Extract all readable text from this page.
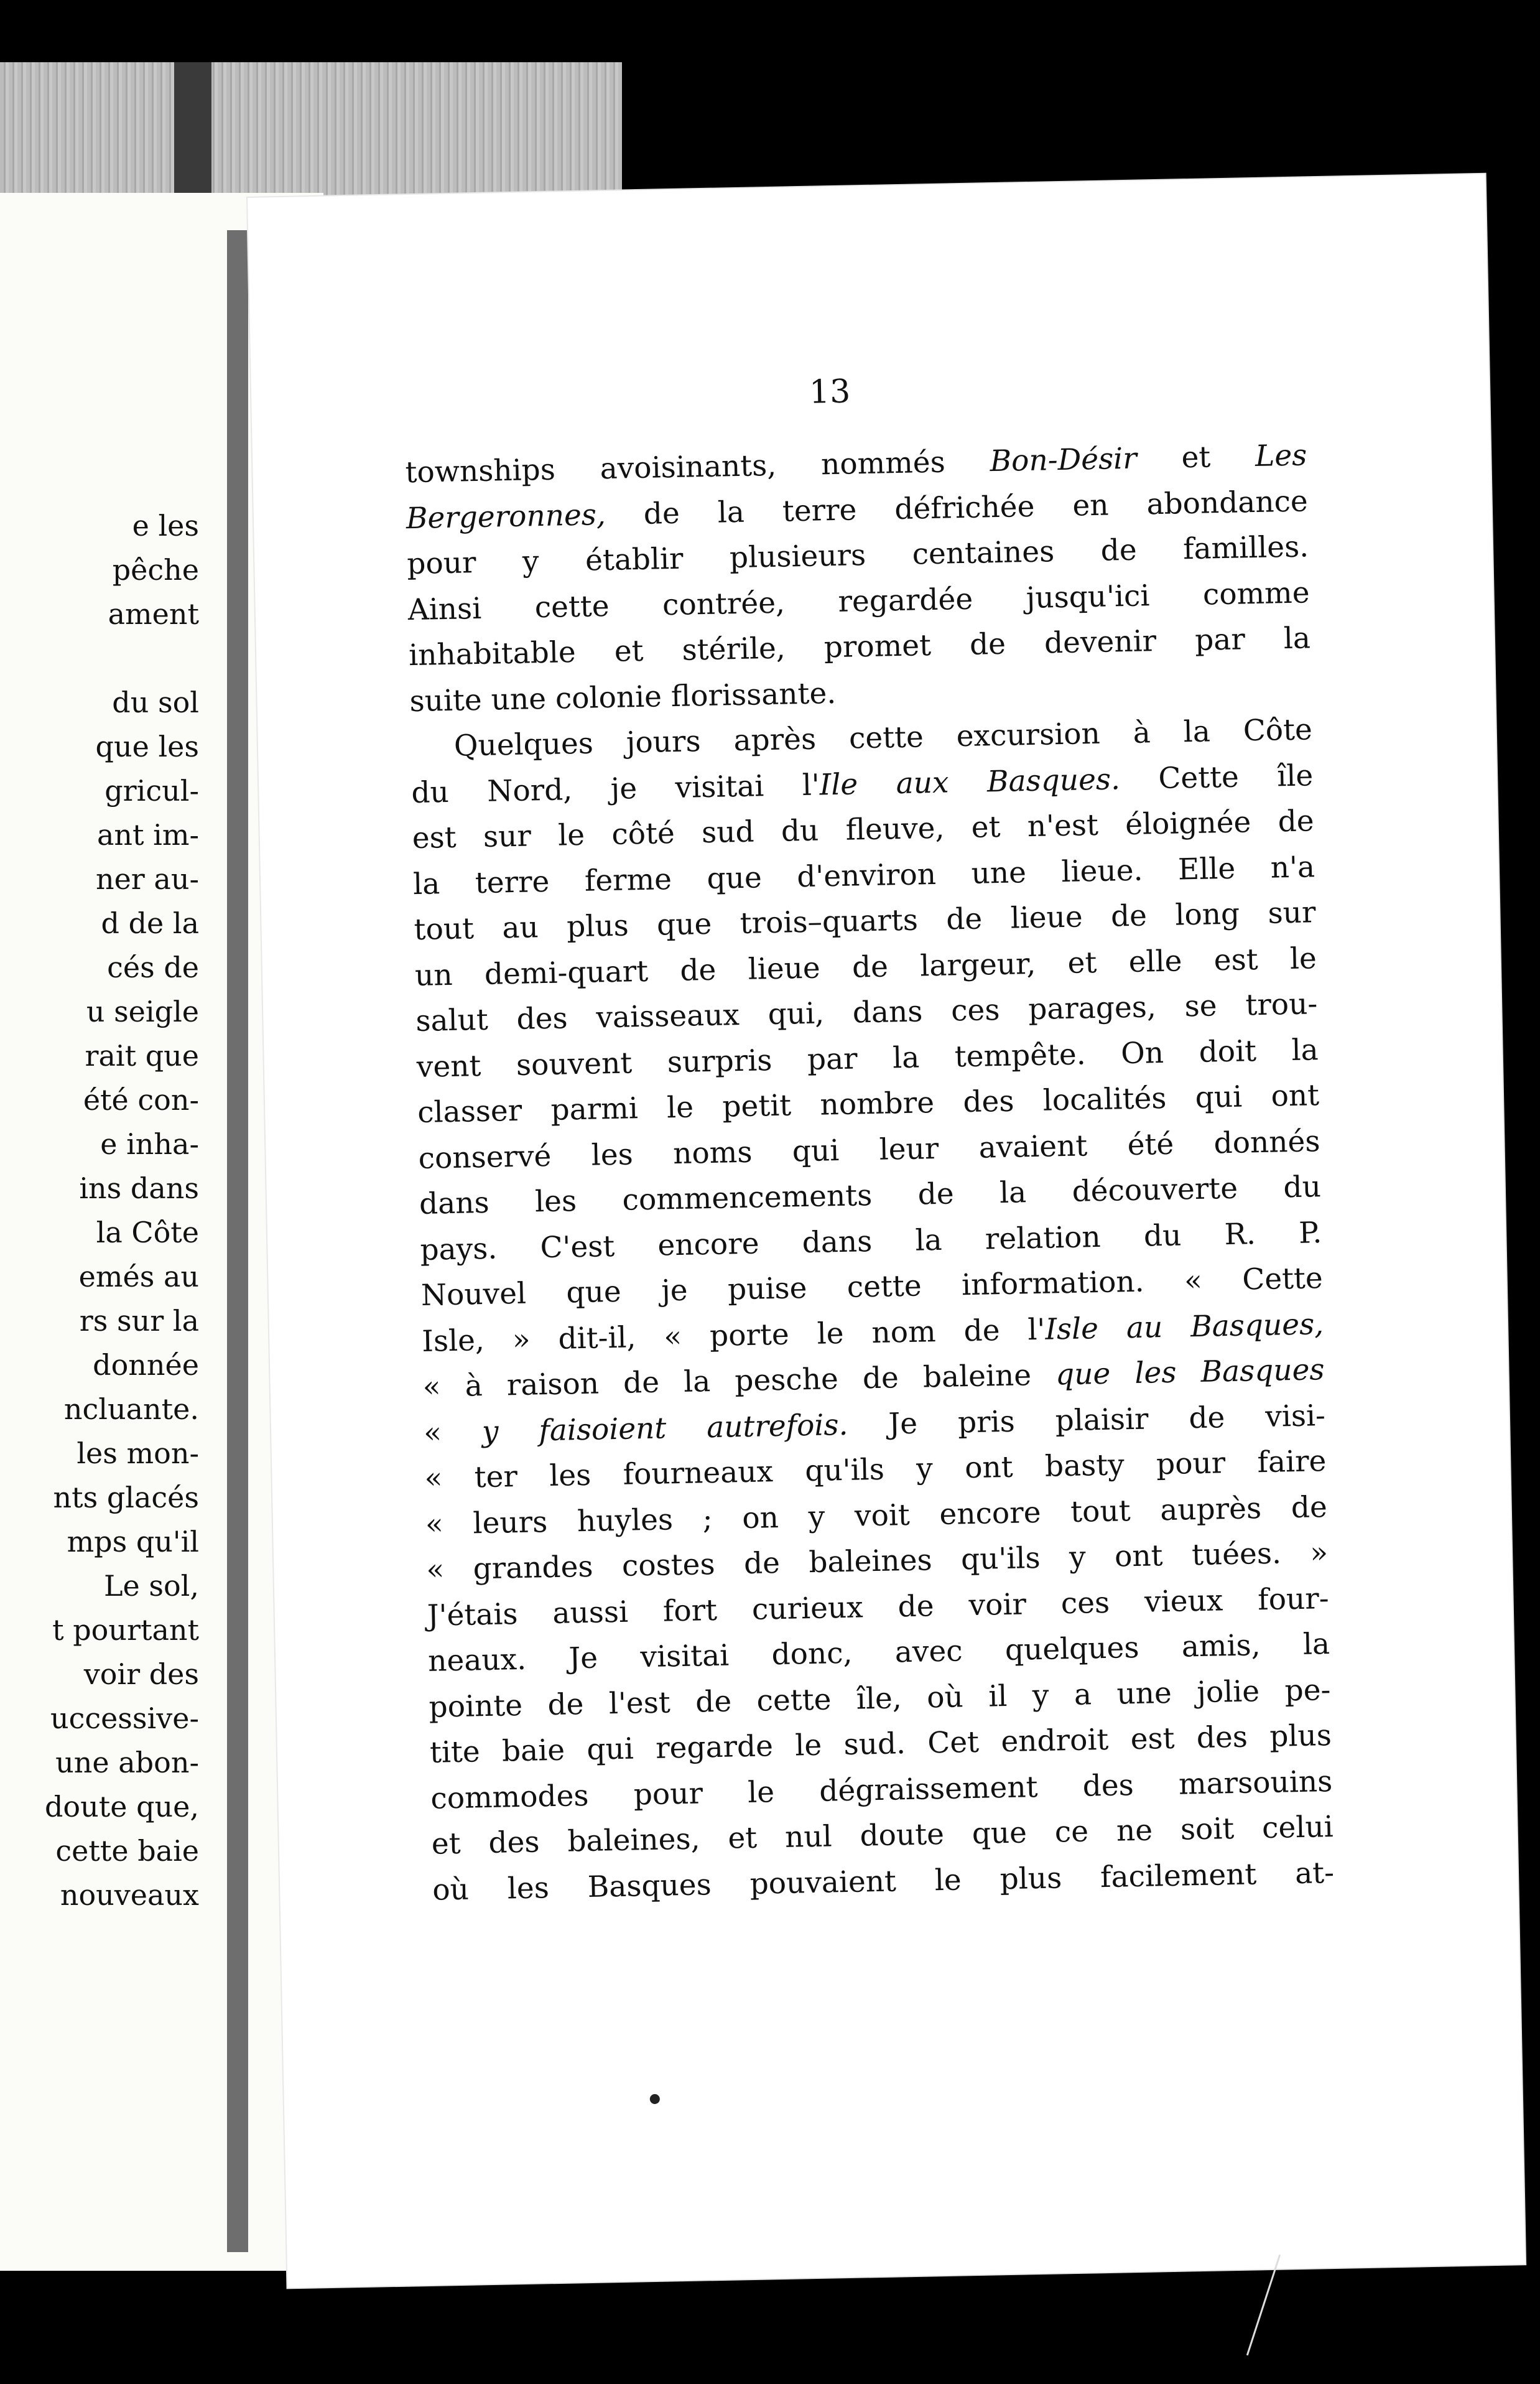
e les
pêche
ament
du sol
que les
gricul-
ant im-
ner au-
d de la
cés de
u seigle
rait que
été con-
e inha-
ins dans
la Côte
emés au
rs sur la
donnée
ncluante.
les mon-
nts glacés
mps qu'il
Le sol,
t pourtant
voir des
uccessive-
une abon-
doute que,
cette baie
nouveaux
13
townships avoisinants, nommés Bon-Désir et Les
Bergeronnes, de la terre défrichée en abondance
pour y établir plusieurs centaines de familles.
Ainsi cette contrée, regardée jusqu'ici comme
inhabitable et stérile, promet de devenir par la
suite une colonie florissante.
Quelques jours après cette excursion à la Côte
du Nord, je visitai l'Ile aux Basques. Cette île
est sur le côté sud du fleuve, et n'est éloignée de
la terre ferme que d'environ une lieue. Elle n'a
tout au plus que trois–quarts de lieue de long sur
un demi-quart de lieue de largeur, et elle est le
salut des vaisseaux qui, dans ces parages, se trou-
vent souvent surpris par la tempête. On doit la
classer parmi le petit nombre des localités qui ont
conservé les noms qui leur avaient été donnés
dans les commencements de la découverte du
pays. C'est encore dans la relation du R. P.
Nouvel que je puise cette information. « Cette
Isle, » dit-il, « porte le nom de l'Isle au Basques,
« à raison de la pesche de baleine que les Basques
« y faisoient autrefois. Je pris plaisir de visi-
« ter les fourneaux qu'ils y ont basty pour faire
« leurs huyles ; on y voit encore tout auprès de
« grandes costes de baleines qu'ils y ont tuées. »
J'étais aussi fort curieux de voir ces vieux four-
neaux. Je visitai donc, avec quelques amis, la
pointe de l'est de cette île, où il y a une jolie pe-
tite baie qui regarde le sud. Cet endroit est des plus
commodes pour le dégraissement des marsouins
et des baleines, et nul doute que ce ne soit celui
où les Basques pouvaient le plus facilement at-
